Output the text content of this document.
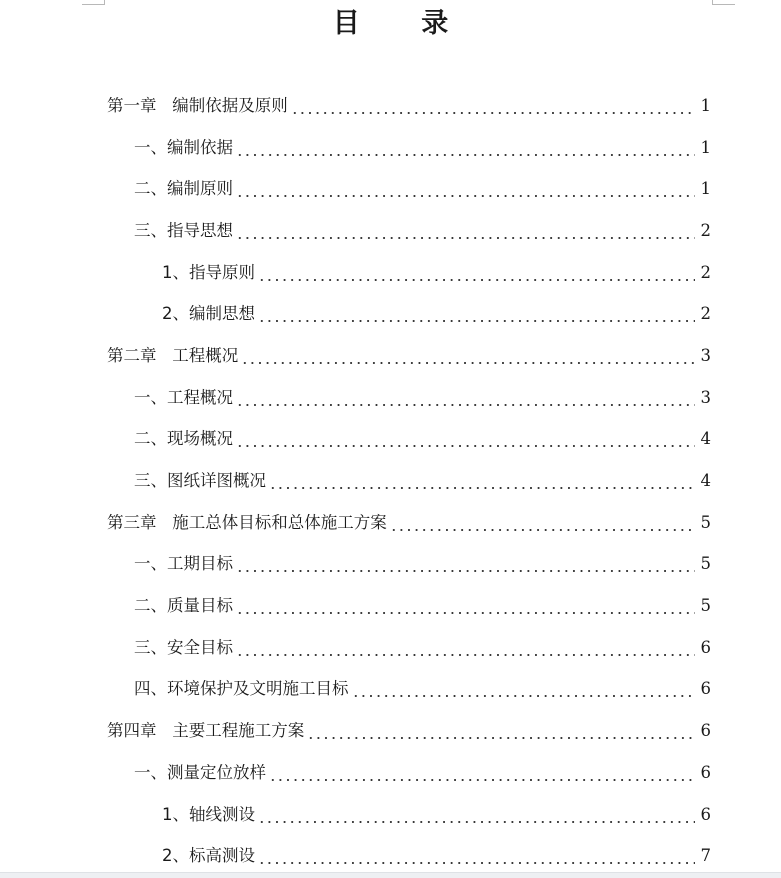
目 录
第一章   编制依据及原则	1
一、编制依据	1
二、编制原则	1
三、指导思想	2
1、指导原则	2
2、编制思想	2
第二章   工程概况	3
一、工程概况	3
二、现场概况	4
三、图纸详图概况	4
第三章   施工总体目标和总体施工方案	5
一、工期目标	5
二、质量目标	5
三、安全目标	6
四、环境保护及文明施工目标	6
第四章   主要工程施工方案	6
一、测量定位放样	6
1、轴线测设	6
2、标高测设	7
